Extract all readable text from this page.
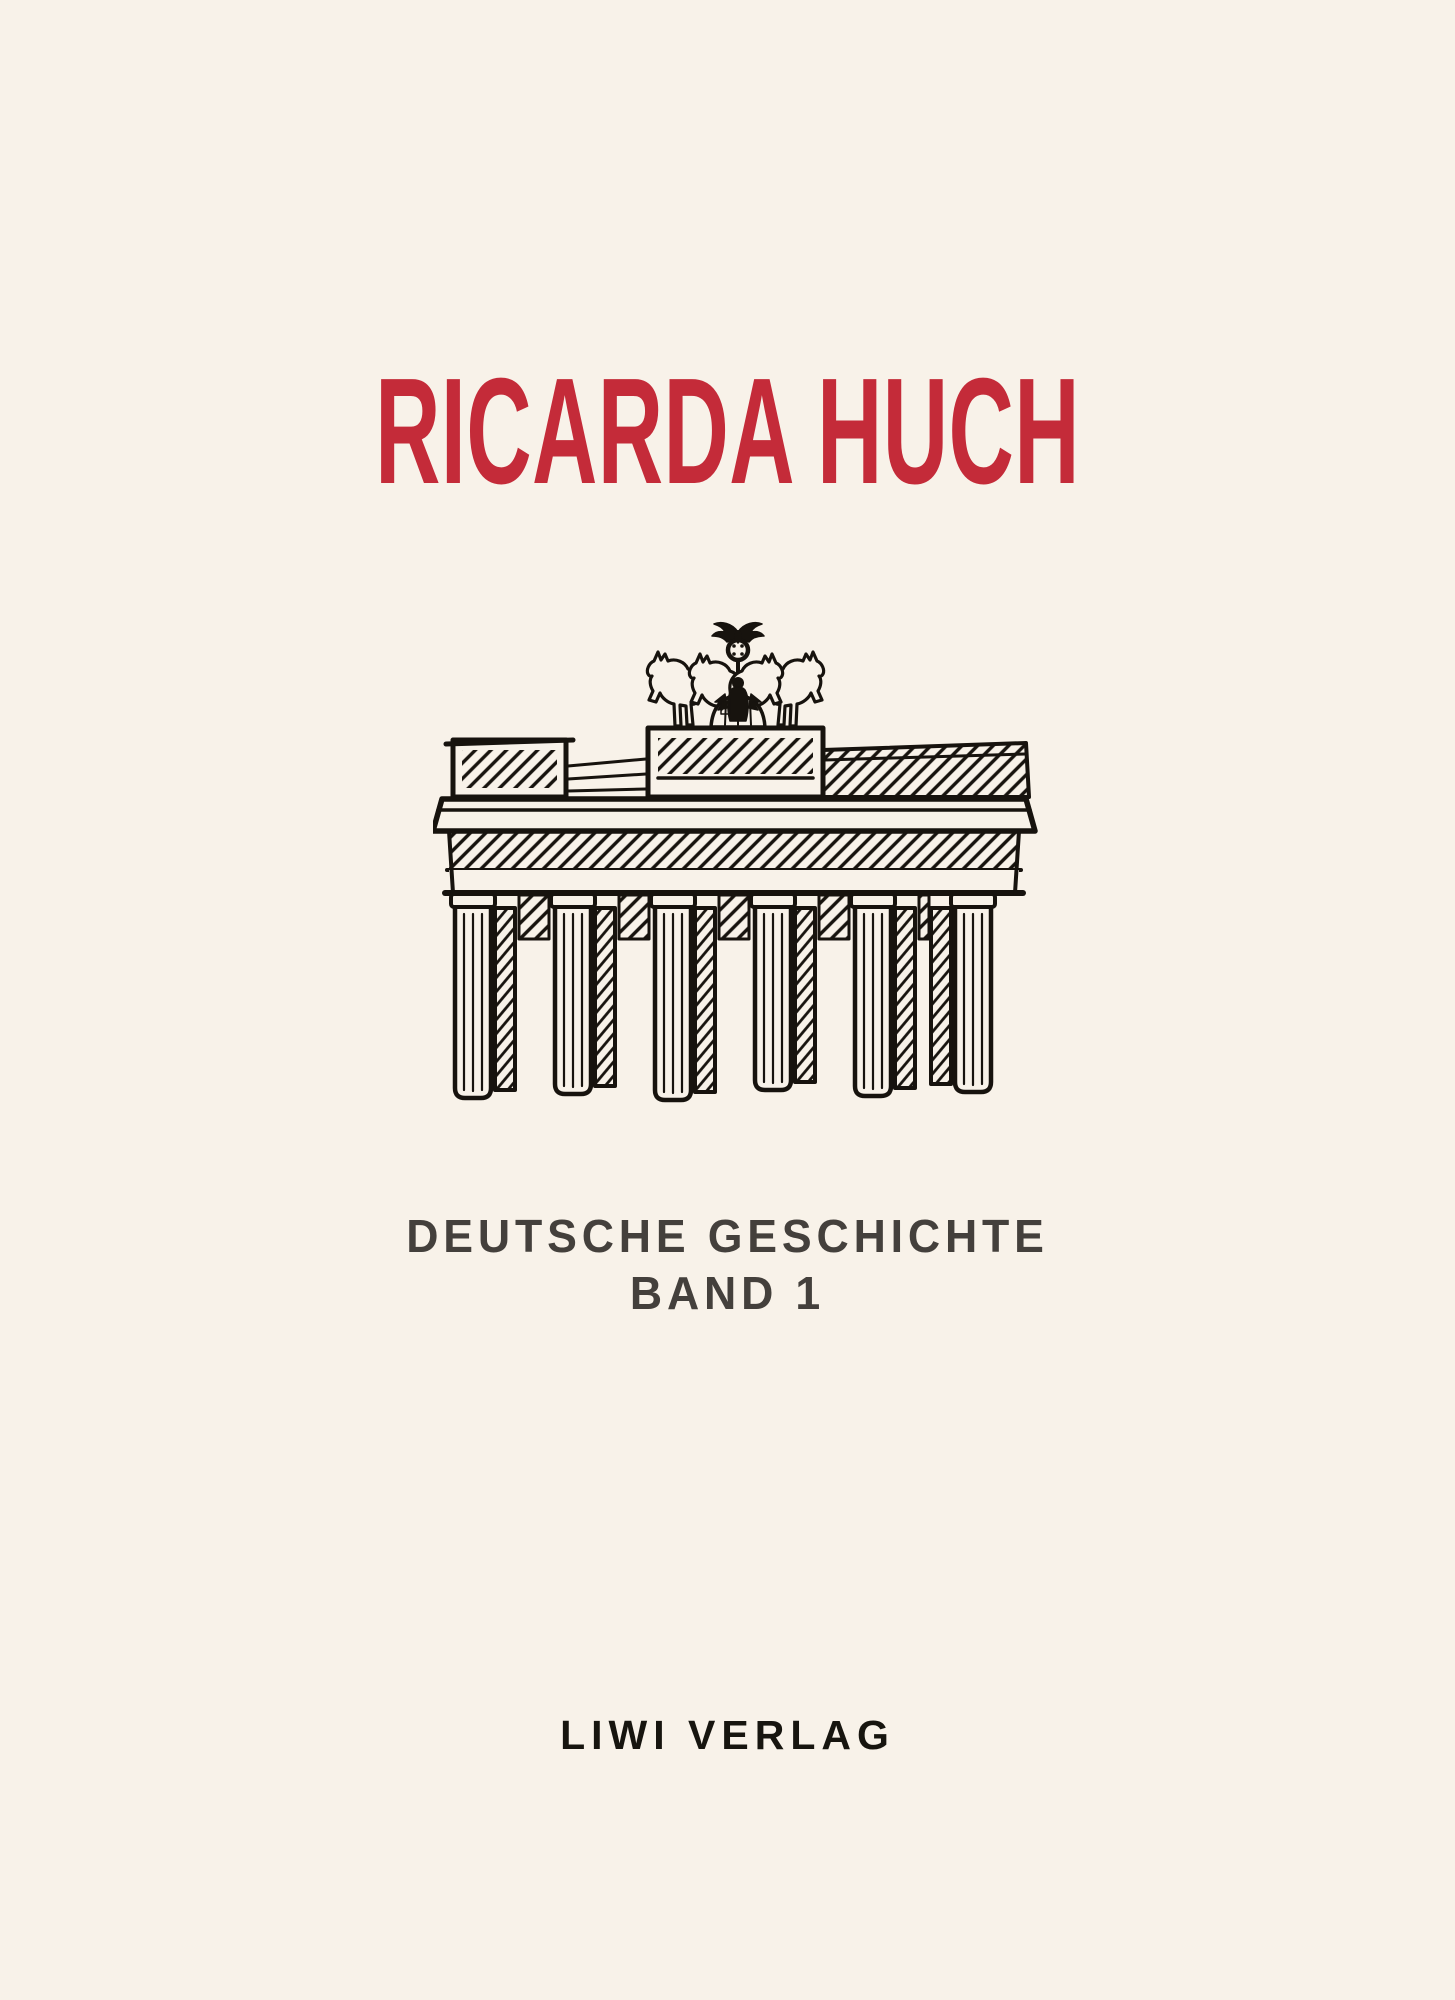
RICARDA HUCH
DEUTSCHE GESCHICHTE
BAND 1
LIWI VERLAG
